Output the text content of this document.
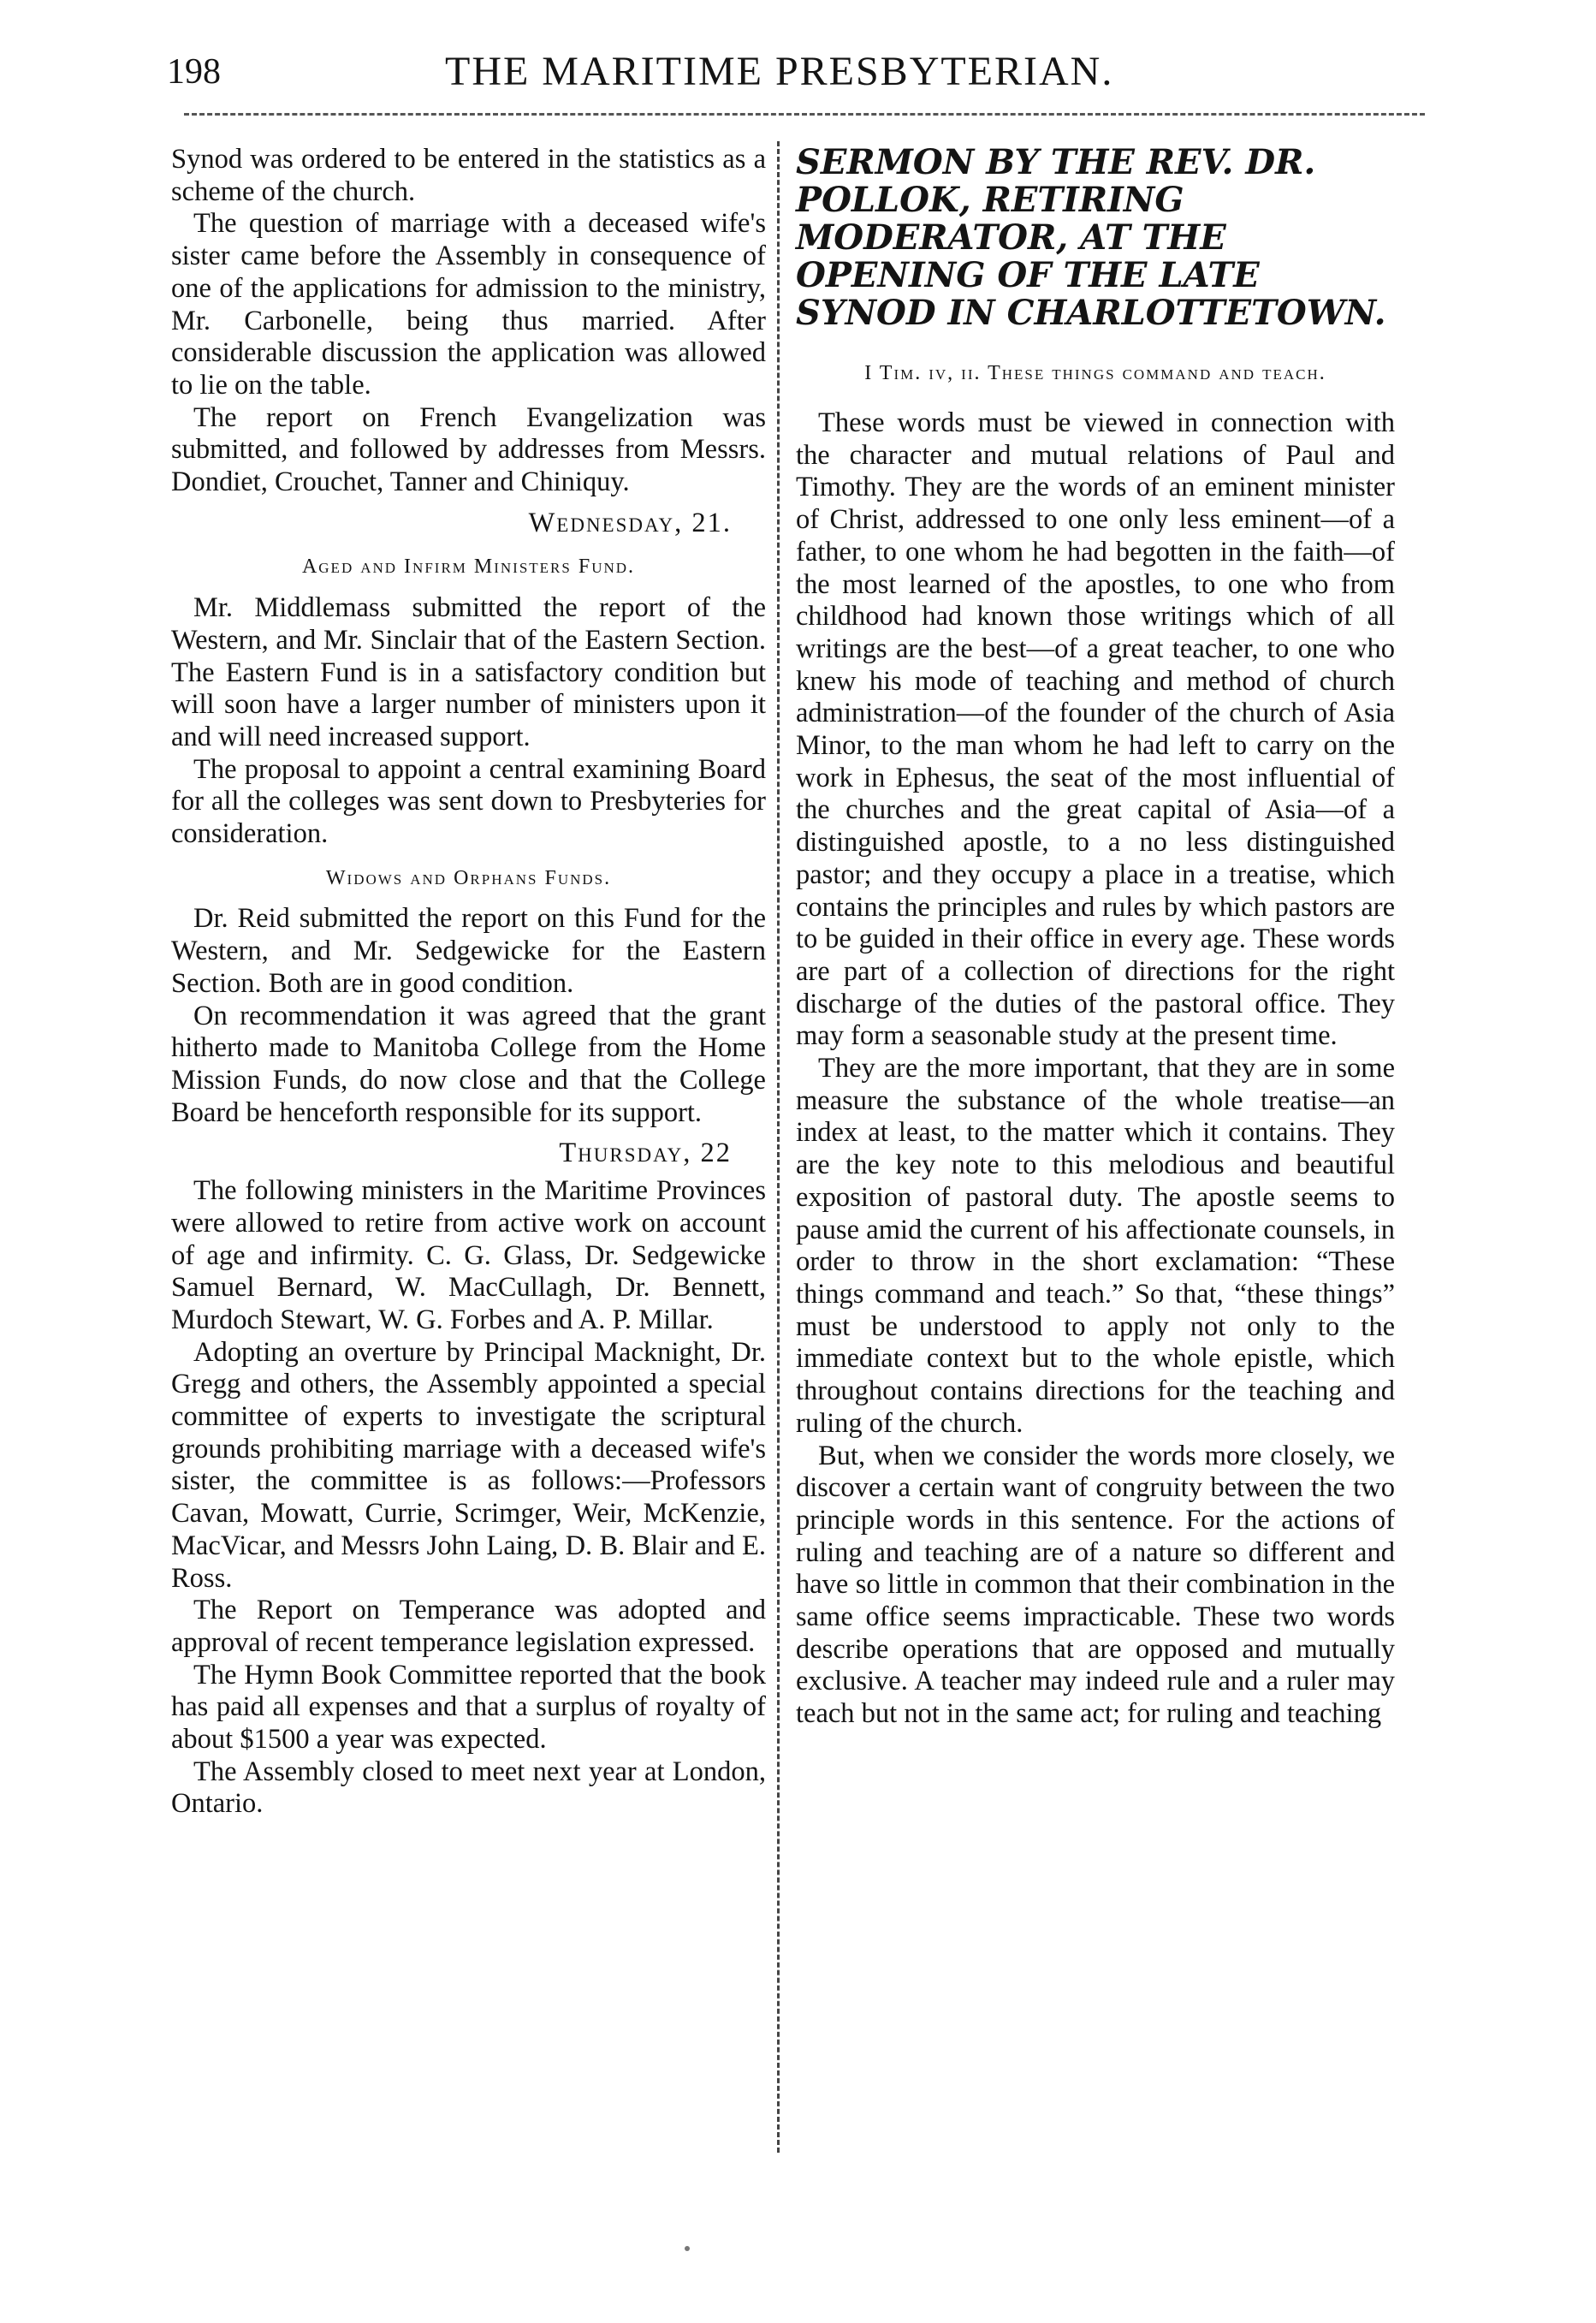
198	THE MARITIME PRESBYTERIAN.

Synod was ordered to be entered in the statistics as a scheme of the church.

The question of marriage with a deceased wife's sister came before the Assembly in consequence of one of the applications for admission to the ministry, Mr. Carbonelle, being thus married. After considerable discussion the application was allowed to lie on the table.

The report on French Evangelization was submitted, and followed by addresses from Messrs. Dondiet, Crouchet, Tanner and Chiniquy.

Wednesday, 21.
Aged and Infirm Ministers Fund.

Mr. Middlemass submitted the report of the Western, and Mr. Sinclair that of the Eastern Section. The Eastern Fund is in a satisfactory condition but will soon have a larger number of ministers upon it and will need increased support.

The proposal to appoint a central examining Board for all the colleges was sent down to Presbyteries for consideration.

Widows and Orphans Funds.

Dr. Reid submitted the report on this Fund for the Western, and Mr. Sedgewicke for the Eastern Section. Both are in good condition.

On recommendation it was agreed that the grant hitherto made to Manitoba College from the Home Mission Funds, do now close and that the College Board be henceforth responsible for its support.

Thursday, 22

The following ministers in the Maritime Provinces were allowed to retire from active work on account of age and infirmity. C. G. Glass, Dr. Sedgewicke Samuel Bernard, W. MacCullagh, Dr. Bennett, Murdoch Stewart, W. G. Forbes and A. P. Millar.

Adopting an overture by Principal Macknight, Dr. Gregg and others, the Assembly appointed a special committee of experts to investigate the scriptural grounds prohibiting marriage with a deceased wife's sister, the committee is as follows:—Professors Cavan, Mowatt, Currie, Scrimger, Weir, McKenzie, MacVicar, and Messrs John Laing, D. B. Blair and E. Ross.

The Report on Temperance was adopted and approval of recent temperance legislation expressed.

The Hymn Book Committee reported that the book has paid all expenses and that a surplus of royalty of about $1500 a year was expected.

The Assembly closed to meet next year at London, Ontario.

SERMON BY THE REV. DR. POLLOK, RETIRING MODERATOR, AT THE OPENING OF THE LATE SYNOD IN CHARLOTTETOWN.
I Tim. iv, ii. These things command and teach.

These words must be viewed in connection with the character and mutual relations of Paul and Timothy. They are the words of an eminent minister of Christ, addressed to one only less eminent—of a father, to one whom he had begotten in the faith—of the most learned of the apostles, to one who from childhood had known those writings which of all writings are the best—of a great teacher, to one who knew his mode of teaching and method of church administration—of the founder of the church of Asia Minor, to the man whom he had left to carry on the work in Ephesus, the seat of the most influential of the churches and the great capital of Asia—of a distinguished apostle, to a no less distinguished pastor; and they occupy a place in a treatise, which contains the principles and rules by which pastors are to be guided in their office in every age. These words are part of a collection of directions for the right discharge of the duties of the pastoral office. They may form a seasonable study at the present time.

They are the more important, that they are in some measure the substance of the whole treatise—an index at least, to the matter which it contains. They are the key note to this melodious and beautiful exposition of pastoral duty. The apostle seems to pause amid the current of his affectionate counsels, in order to throw in the short exclamation: “These things command and teach.” So that, “these things” must be understood to apply not only to the immediate context but to the whole epistle, which throughout contains directions for the teaching and ruling of the church.

But, when we consider the words more closely, we discover a certain want of congruity between the two principle words in this sentence. For the actions of ruling and teaching are of a nature so different and have so little in common that their combination in the same office seems impracticable. These two words describe operations that are opposed and mutually exclusive. A teacher may indeed rule and a ruler may teach but not in the same act; for ruling and teaching
